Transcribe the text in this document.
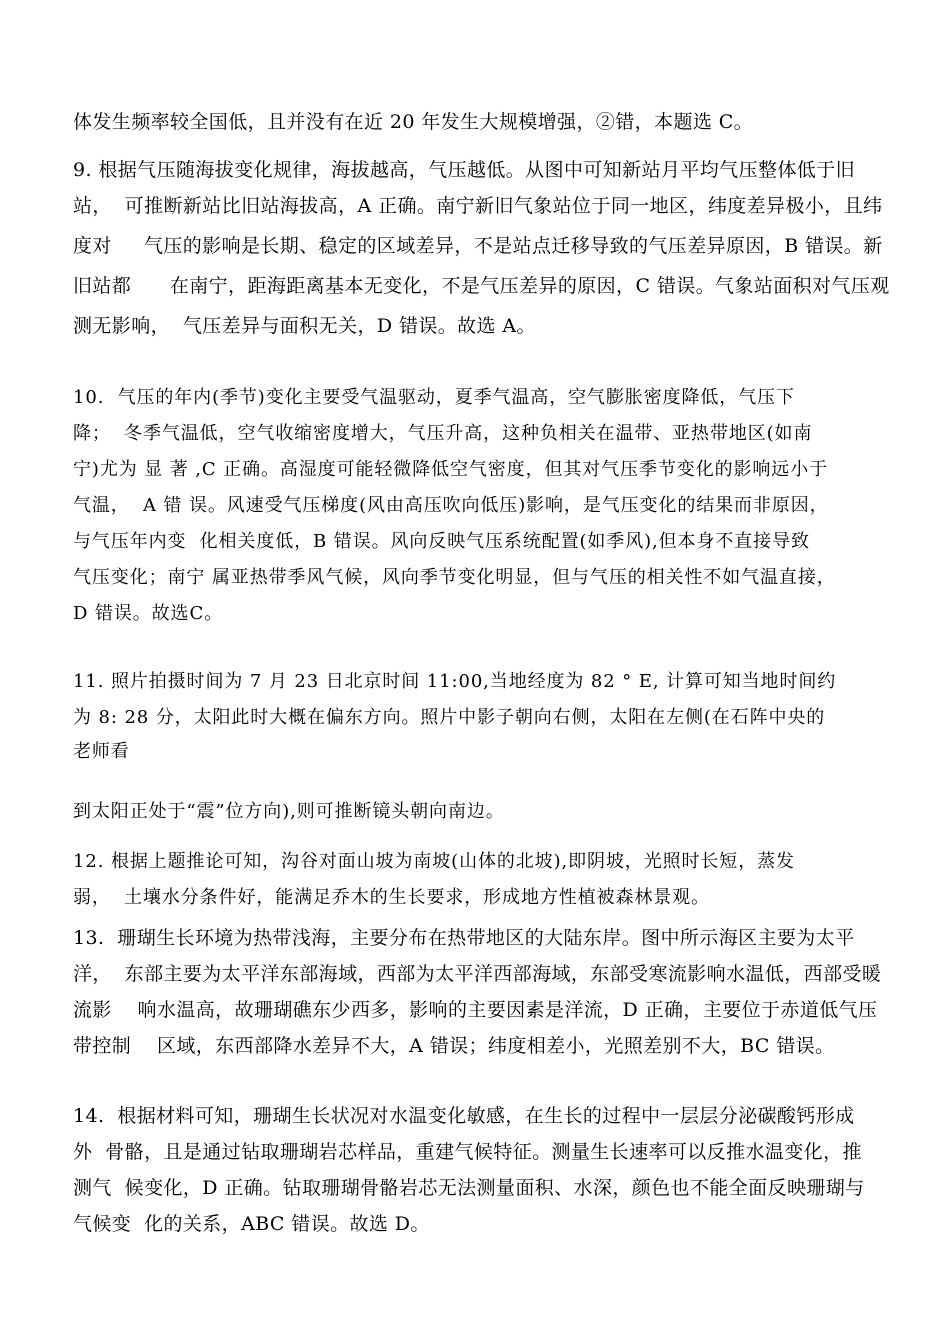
体发生频率较全国低，且并没有在近 20 年发生大规模增强，②错，本题选 C。

9. 根据气压随海拔变化规律，海拔越高，气压越低。从图中可知新站月平均气压整体低于旧

站，  可推断新站比旧站海拔高，A 正确。南宁新旧气象站位于同一地区，纬度差异极小，且纬

度对     气压的影响是长期、稳定的区域差异，不是站点迁移导致的气压差异原因，B 错误。新

旧站都      在南宁，距海距离基本无变化，不是气压差异的原因，C 错误。气象站面积对气压观

测无影响，  气压差异与面积无关，D 错误。故选 A。

10.  气压的年内(季节)变化主要受气温驱动，夏季气温高，空气膨胀密度降低，气压下

降；  冬季气温低，空气收缩密度增大，气压升高，这种负相关在温带、亚热带地区(如南

宁)尤为 显 著 ,C 正确。高湿度可能轻微降低空气密度，但其对气压季节变化的影响远小于

气温，  A 错 误。风速受气压梯度(风由高压吹向低压)影响，是气压变化的结果而非原因，

与气压年内变  化相关度低，B 错误。风向反映气压系统配置(如季风),但本身不直接导致

气压变化；南宁 属亚热带季风气候，风向季节变化明显，但与气压的相关性不如气温直接，

D 错误。故选C。

11. 照片拍摄时间为 7 月 23 日北京时间 11:00,当地经度为 82 ° E, 计算可知当地时间约

为 8: 28 分，太阳此时大概在偏东方向。照片中影子朝向右侧，太阳在左侧(在石阵中央的

老师看

到太阳正处于“震”位方向),则可推断镜头朝向南边。

12. 根据上题推论可知，沟谷对面山坡为南坡(山体的北坡),即阴坡，光照时长短，蒸发

弱，  土壤水分条件好，能满足乔木的生长要求，形成地方性植被森林景观。

13.  珊瑚生长环境为热带浅海，主要分布在热带地区的大陆东岸。图中所示海区主要为太平

洋，  东部主要为太平洋东部海域，西部为太平洋西部海域，东部受寒流影响水温低，西部受暖

流影    响水温高，故珊瑚礁东少西多，影响的主要因素是洋流，D 正确，主要位于赤道低气压

带控制    区域，东西部降水差异不大，A 错误；纬度相差小，光照差别不大，BC 错误。

14.  根据材料可知，珊瑚生长状况对水温变化敏感，在生长的过程中一层层分泌碳酸钙形成

外  骨骼，且是通过钻取珊瑚岩芯样品，重建气候特征。测量生长速率可以反推水温变化，推

测气  候变化，D 正确。钻取珊瑚骨骼岩芯无法测量面积、水深，颜色也不能全面反映珊瑚与

气候变  化的关系，ABC 错误。故选 D。
